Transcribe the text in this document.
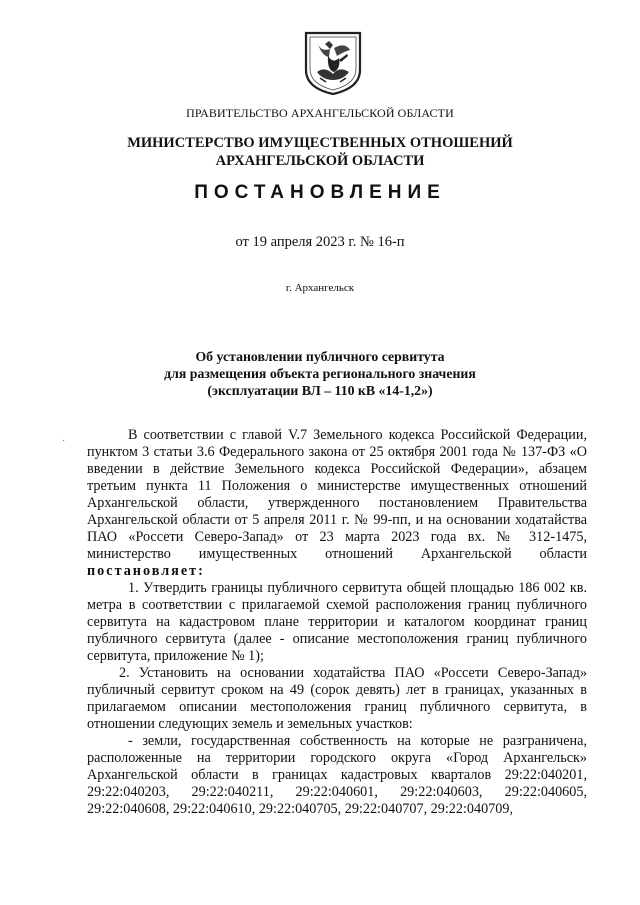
ПРАВИТЕЛЬСТВО АРХАНГЕЛЬСКОЙ ОБЛАСТИ
МИНИСТЕРСТВО ИМУЩЕСТВЕННЫХ ОТНОШЕНИЙ
АРХАНГЕЛЬСКОЙ ОБЛАСТИ
ПОСТАНОВЛЕНИЕ
от 19 апреля 2023 г. № 16-п
г. Архангельск
Об установлении публичного сервитута
для размещения объекта регионального значения
(эксплуатации ВЛ – 110 кВ «14-1,2»)
·	В соответствии с главой V.7 Земельного кодекса Российской Федерации, пунктом 3 статьи 3.6 Федерального закона от 25 октября 2001 года № 137-ФЗ «О введении в действие Земельного кодекса Российской Федерации», абзацем третьим пункта 11 Положения о министерстве имущественных отношений Архангельской области, утвержденного постановлением Правительства Архангельской области от 5 апреля 2011 г. № 99-пп, и на основании ходатайства ПАО «Россети Северо-Запад» от 23 марта 2023 года вх. № 312-1475, министерство имущественных отношений Архангельской области постановляет:

1. Утвердить границы публичного сервитута общей площадью 186 002 кв. метра в соответствии с прилагаемой схемой расположения границ публичного сервитута на кадастровом плане территории и каталогом координат границ публичного сервитута (далее - описание местоположения границ публичного сервитута, приложение № 1);

2. Установить на основании ходатайства ПАО «Россети Северо-Запад» публичный сервитут сроком на 49 (сорок девять) лет в границах, указанных в прилагаемом описании местоположения границ публичного сервитута, в отношении следующих земель и земельных участков:

- земли, государственная собственность на которые не разграничена, расположенные на территории городского округа «Город Архангельск» Архангельской области в границах кадастровых кварталов 29:22:040201, 29:22:040203, 29:22:040211, 29:22:040601, 29:22:040603, 29:22:040605, 29:22:040608, 29:22:040610, 29:22:040705, 29:22:040707, 29:22:040709,
